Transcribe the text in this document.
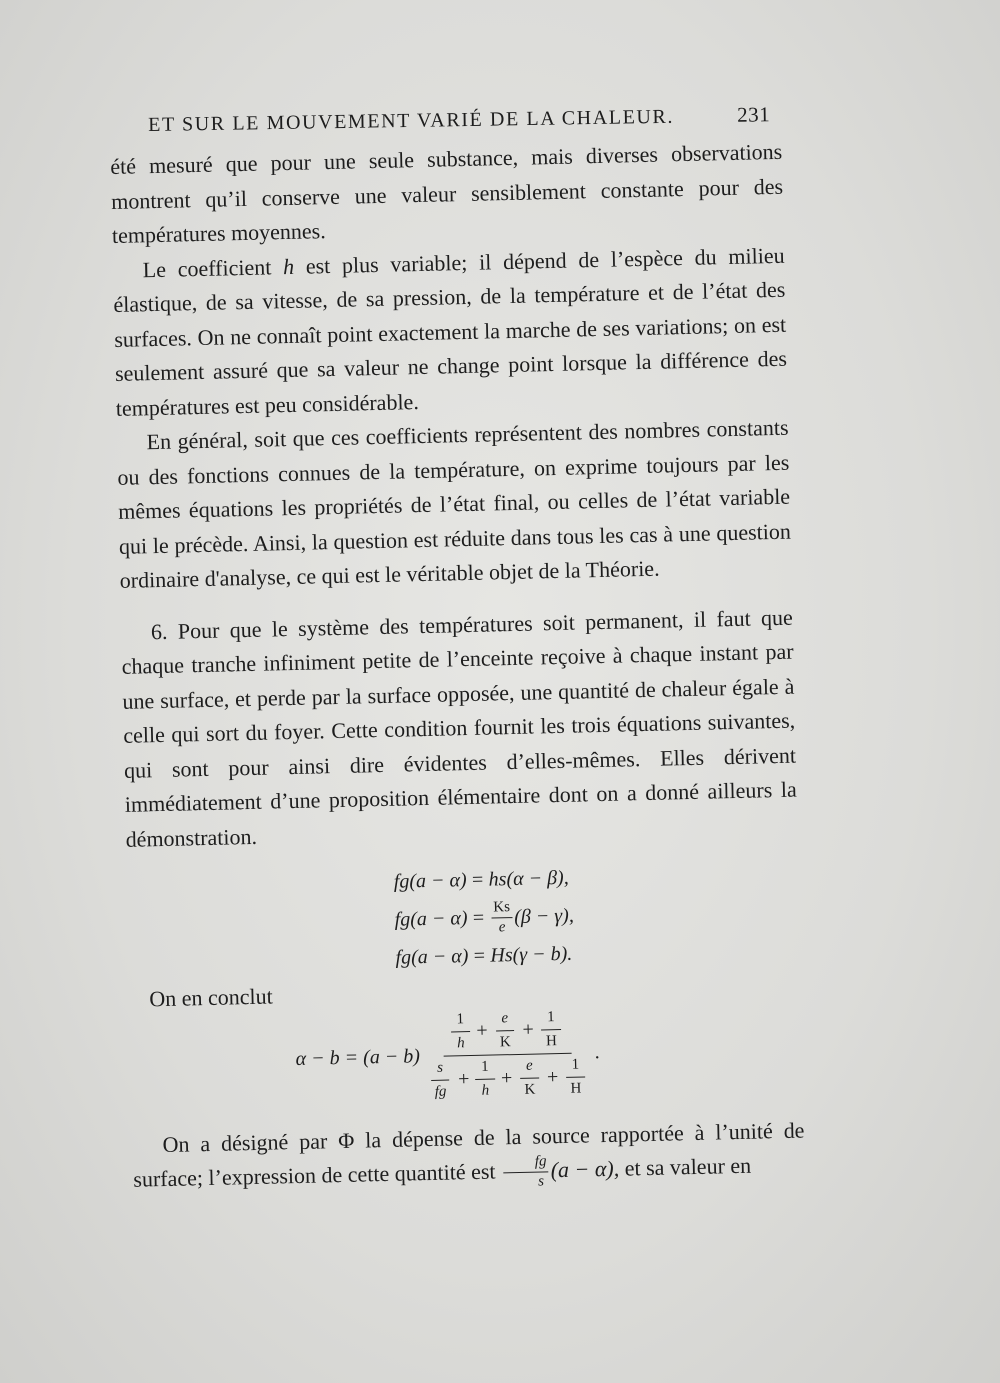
ET SUR LE MOUVEMENT VARIÉ DE LA CHALEUR.	231

été mesuré que pour une seule substance, mais diverses observations montrent qu’il conserve une valeur sensiblement constante pour des températures moyennes.

Le coefficient h est plus variable; il dépend de l’espèce du milieu élastique, de sa vitesse, de sa pression, de la température et de l’état des surfaces. On ne connaît point exactement la marche de ses variations; on est seulement assuré que sa valeur ne change point lorsque la différence des températures est peu considérable.

En général, soit que ces coefficients représentent des nombres constants ou des fonctions connues de la température, on exprime toujours par les mêmes équations les propriétés de l’état final, ou celles de l’état variable qui le précède. Ainsi, la question est réduite dans tous les cas à une question ordinaire d'analyse, ce qui est le véritable objet de la Théorie.

6. Pour que le système des températures soit permanent, il faut que chaque tranche infiniment petite de l’enceinte reçoive à chaque instant par une surface, et perde par la surface opposée, une quantité de chaleur égale à celle qui sort du foyer. Cette condition fournit les trois équations suivantes, qui sont pour ainsi dire évidentes d’elles-mêmes. Elles dérivent immédiatement d’une proposition élémentaire dont on a donné ailleurs la démonstration.

fg(a − α) = hs(α − β),
$fg(a - \alpha) = \frac{Ks}{e} (\beta - \gamma)$,
fg(a − α) = Hs(γ − b).

On en conclut

α − b = (a − b)
$\frac{1}{h} + \frac{e}{K} + \frac{1}{H}$
$\frac{s}{fg} + \frac{1}{h} + \frac{e}{K} + \frac{1}{H}$
.

On a désigné par Φ la dépense de la source rapportée à l’unité de surface; l’expression de cette quantité est $\frac{fg}{s} (a - \alpha)$, et sa valeur en
